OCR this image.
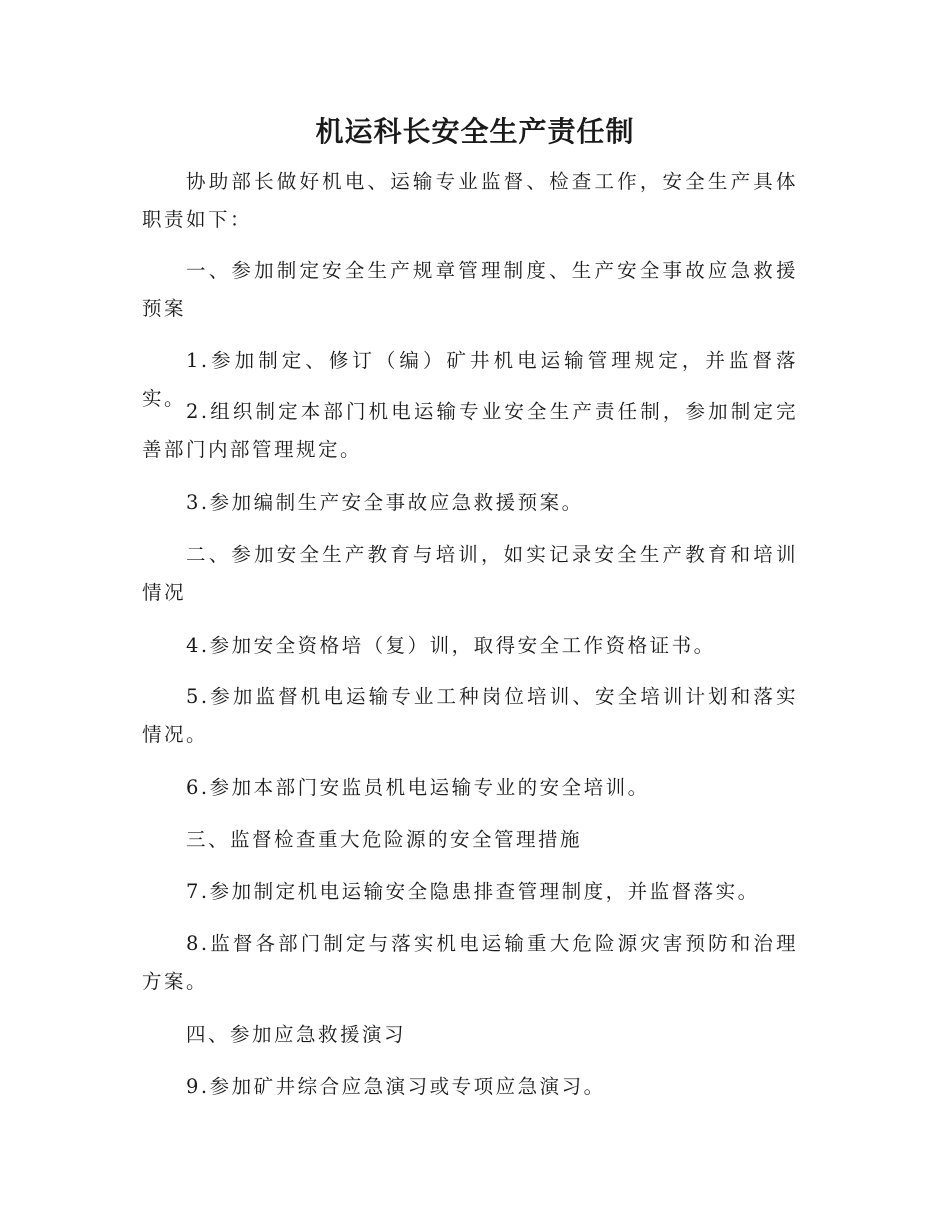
机运科长安全生产责任制

协助部长做好机电、运输专业监督、检查工作，安全生产具体职责如下：

一、参加制定安全生产规章管理制度、生产安全事故应急救援预案

1.参加制定、修订（编）矿井机电运输管理规定，并监督落实。

2.组织制定本部门机电运输专业安全生产责任制，参加制定完善部门内部管理规定。

3.参加编制生产安全事故应急救援预案。

二、参加安全生产教育与培训，如实记录安全生产教育和培训情况

4.参加安全资格培（复）训，取得安全工作资格证书。

5.参加监督机电运输专业工种岗位培训、安全培训计划和落实情况。

6.参加本部门安监员机电运输专业的安全培训。

三、监督检查重大危险源的安全管理措施

7.参加制定机电运输安全隐患排查管理制度，并监督落实。

8.监督各部门制定与落实机电运输重大危险源灾害预防和治理方案。

四、参加应急救援演习

9.参加矿井综合应急演习或专项应急演习。
